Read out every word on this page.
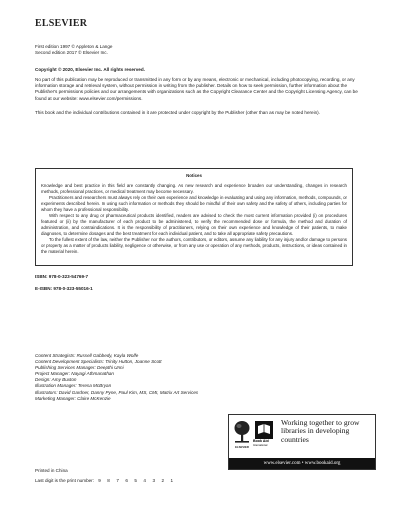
ELSEVIER

First edition 1997 © Appleton & Lange

Second edition 2017 © Elsevier Inc.

Copyright © 2020, Elsevier Inc. All rights reserved.
No part of this publication may be reproduced or transmitted in any form or by any means, electronic or mechanical, including photocopying, recording, or any information storage and retrieval system, without permission in writing from the publisher. Details on how to seek permission, further information about the Publisher's permissions policies and our arrangements with organizations such as the Copyright Clearance Center and the Copyright Licensing Agency, can be found at our website: www.elsevier.com/permissions.
This book and the individual contributions contained in it are protected under copyright by the Publisher (other than as may be noted herein).
Notices

Knowledge and best practice in this field are constantly changing. As new research and experience broaden our understanding, changes in research methods, professional practices, or medical treatment may become necessary.

Practitioners and researchers must always rely on their own experience and knowledge in evaluating and using any information, methods, compounds, or experiments described herein. In using such information or methods they should be mindful of their own safety and the safety of others, including parties for whom they have a professional responsibility.

With respect to any drug or pharmaceutical products identified, readers are advised to check the most current information provided (i) on procedures featured or (ii) by the manufacturer of each product to be administered, to verify the recommended dose or formula, the method and duration of administration, and contraindications. It is the responsibility of practitioners, relying on their own experience and knowledge of their patients, to make diagnoses, to determine dosages and the best treatment for each individual patient, and to take all appropriate safety precautions.

To the fullest extent of the law, neither the Publisher nor the authors, contributors, or editors, assume any liability for any injury and/or damage to persons or property as a matter of products liability, negligence or otherwise, or from any use or operation of any methods, products, instructions, or ideas contained in the material herein.

ISBN: 978-0-323-54769-7
E-ISBN: 978-0-323-55016-1

Content Strategists: Russell Gabbedy, Kayla Wolfe

Content Development Specialists: Trinity Hutton, Joanne Scott

Publishing Services Manager: Deepthi Unni

Project Manager: Nayagi Athmanathan

Design: Amy Buxton

Illustration Manager: Teresa McBryan

Illustrators: David Gardner, Danny Pyne, Paul Kim, MS, CMI, Matrix Art Services

Marketing Manager: Claire McKenzie

Printed in China
Last digit is the print number: 9 8 7 6 5 4 3 2 1
ELSEVIER
Book Aid
International
Working together to grow libraries in developing countries
www.elsevier.com • www.bookaid.org
